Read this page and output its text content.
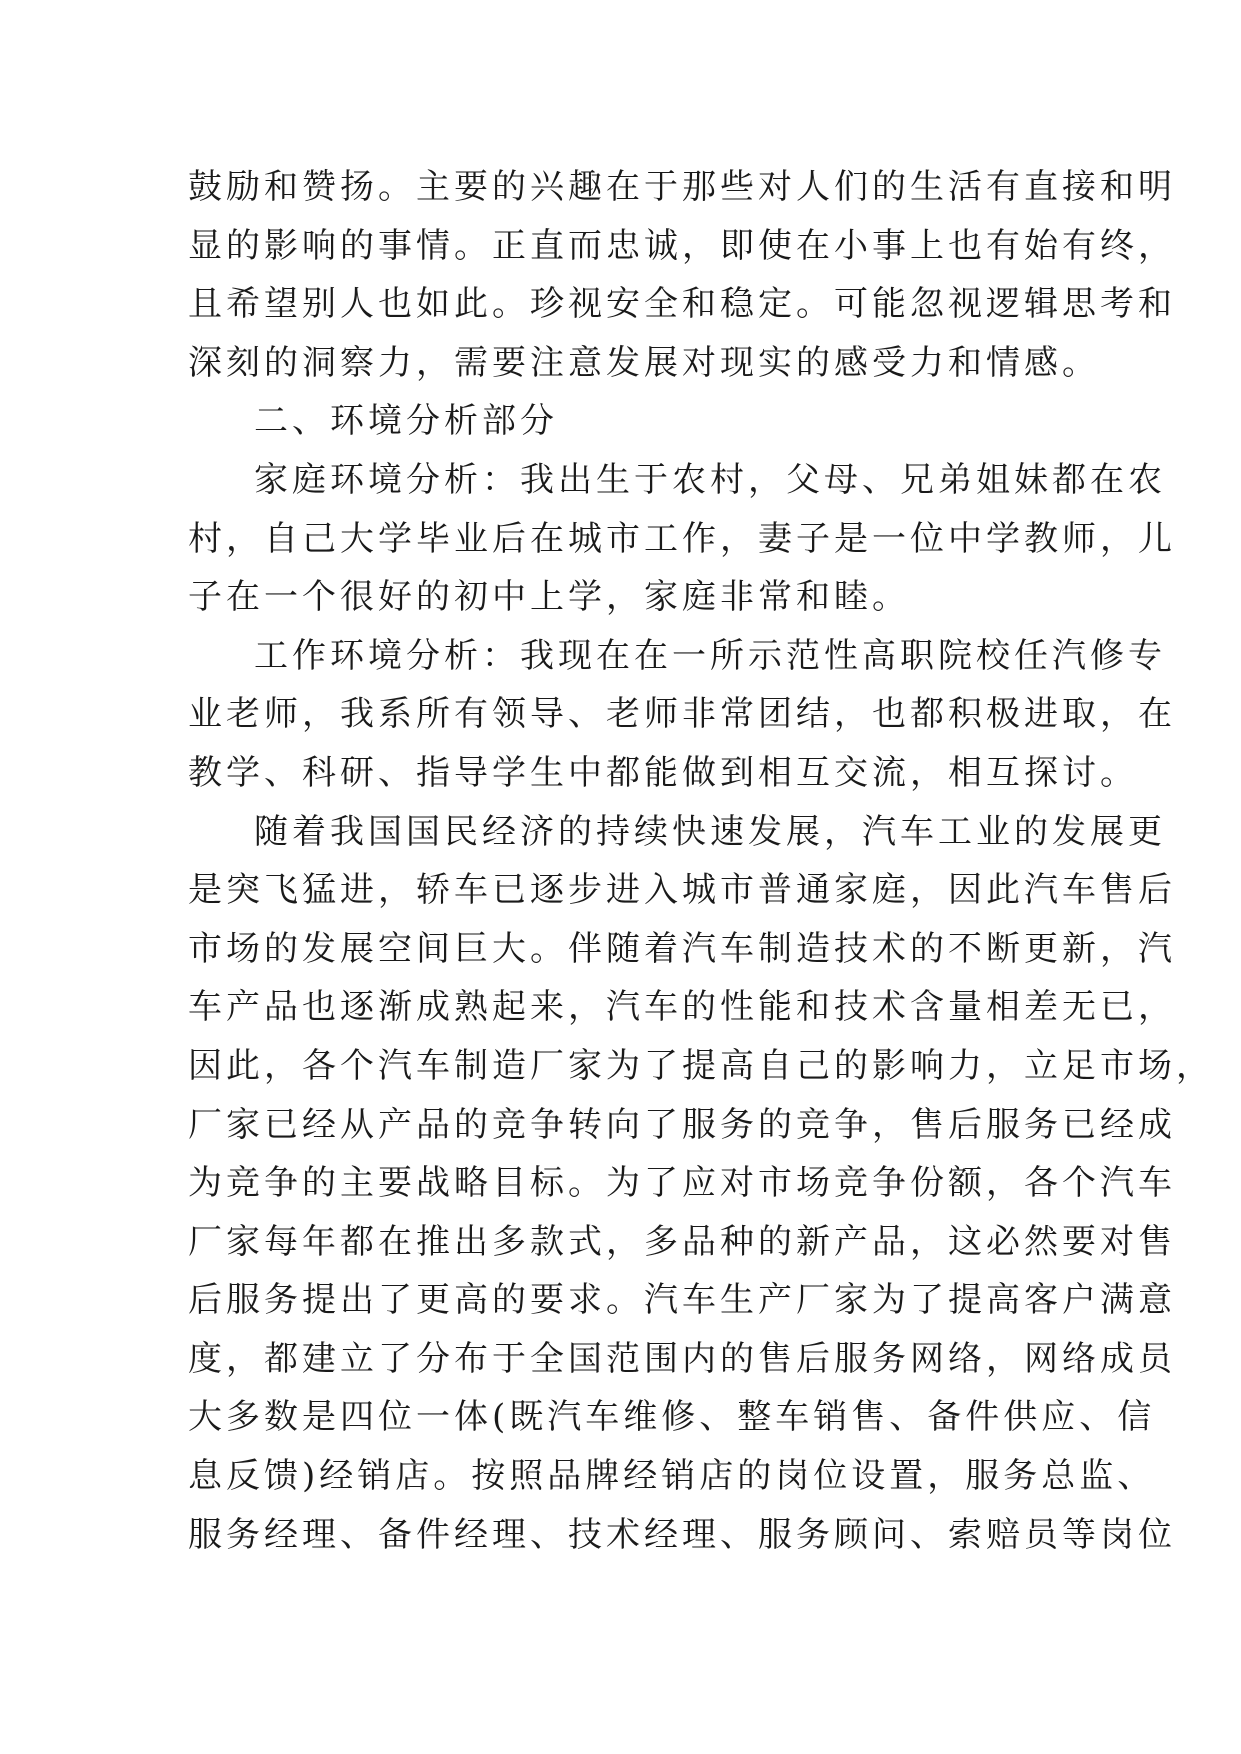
鼓励和赞扬。主要的兴趣在于那些对人们的生活有直接和明
显的影响的事情。正直而忠诚，即使在小事上也有始有终，
且希望别人也如此。珍视安全和稳定。可能忽视逻辑思考和
深刻的洞察力，需要注意发展对现实的感受力和情感。
二、环境分析部分
家庭环境分析：我出生于农村，父母、兄弟姐妹都在农
村，自己大学毕业后在城市工作，妻子是一位中学教师，儿
子在一个很好的初中上学，家庭非常和睦。
工作环境分析：我现在在一所示范性高职院校任汽修专
业老师，我系所有领导、老师非常团结，也都积极进取，在
教学、科研、指导学生中都能做到相互交流，相互探讨。
随着我国国民经济的持续快速发展，汽车工业的发展更
是突飞猛进，轿车已逐步进入城市普通家庭，因此汽车售后
市场的发展空间巨大。伴随着汽车制造技术的不断更新，汽
车产品也逐渐成熟起来，汽车的性能和技术含量相差无已，
因此，各个汽车制造厂家为了提高自己的影响力，立足市场，
厂家已经从产品的竞争转向了服务的竞争，售后服务已经成
为竞争的主要战略目标。为了应对市场竞争份额，各个汽车
厂家每年都在推出多款式，多品种的新产品，这必然要对售
后服务提出了更高的要求。汽车生产厂家为了提高客户满意
度，都建立了分布于全国范围内的售后服务网络，网络成员
大多数是四位一体(既汽车维修、整车销售、备件供应、信
息反馈)经销店。按照品牌经销店的岗位设置，服务总监、
服务经理、备件经理、技术经理、服务顾问、索赔员等岗位
